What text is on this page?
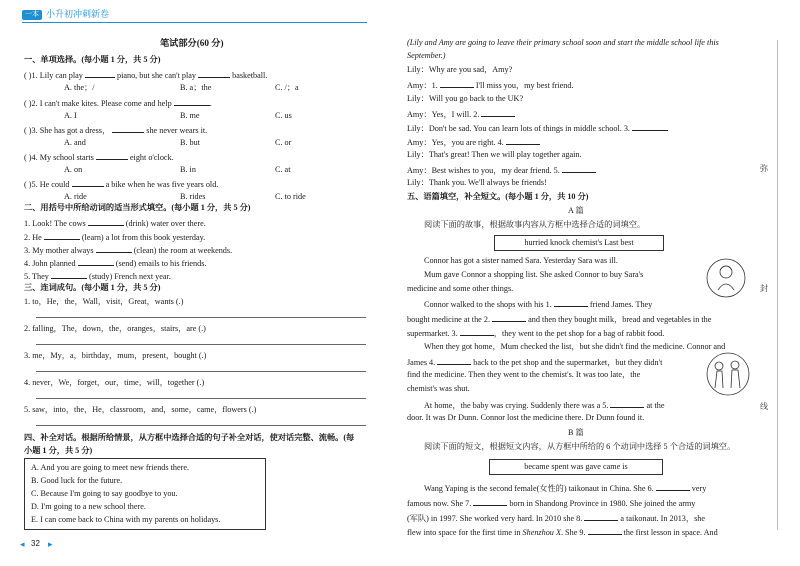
一本 小升初冲刺新卷
笔试部分(60 分)
一、单项选择。(每小题 1 分，共 5 分)
( )1. Lily can play	piano, but she can't play	basketball.
A. the；/	B. a；the	C. /；a
( )2. I can't make kites. Please come and help	.
A. I	B. me	C. us
( )3. She has got a dress，	she never wears it.
A. and	B. but	C. or
( )4. My school starts	eight o'clock.
A. on	B. in	C. at
( )5. He could	a bike when he was five years old.
A. ride	B. rides	C. to ride
二、用括号中所给动词的适当形式填空。(每小题 1 分，共 5 分)
1. Look! The cows	(drink) water over there.
2. He	(learn) a lot from this book yesterday.
3. My mother always	(clean) the room at weekends.
4. John planned	(send) emails to his friends.
5. They	(study) French next year.
三、连词成句。(每小题 1 分，共 5 分)
1. to，He，the，Wall，visit，Great，wants (.)
2. falling，The，down，the，oranges，stairs，are (.)
3. me，My，a，birthday，mum，present，bought (.)
4. never，We，forget，our，time，will，together (.)
5. saw，into，the，He，classroom，and，some，came，flowers (.)
四、补全对话。根据所给情景，从方框中选择合适的句子补全对话，使对话完整、流畅。(每
小题 1 分，共 5 分)
A. And you are going to meet new friends there.
B. Good luck for the future.
C. Because I'm going to say goodbye to you.
D. I'm going to a new school there.
E. I can come back to China with my parents on holidays.
◂ 32 ▸
(Lily and Amy are going to leave their primary school soon and start the middle school life this
September.)
Lily：Why are you sad，Amy?
Amy：1.	I'll miss you，my best friend.
Lily：Will you go back to the UK?
Amy：Yes，I will. 2.
Lily：Don't be sad. You can learn lots of things in middle school. 3.
Amy：Yes，you are right. 4.
Lily：That's great! Then we will play together again.
Amy：Best wishes to you，my dear friend. 5.
Lily：Thank you. We'll always be friends!
五、语篇填空，补全短文。(每小题 1 分，共 10 分)
A 篇
阅读下面的故事，根据故事内容从方框中选择合适的词填空。
hurried knock chemist's Last best
Connor has got a sister named Sara. Yesterday Sara was ill.
Mum gave Connor a shopping list. She asked Connor to buy Sara's
medicine and some other things.
Connor walked to the shops with his 1.	friend James. They
bought medicine at the 2.	and then they bought milk，bread and vegetables in the
supermarket. 3.	，they went to the pet shop for a bag of rabbit food.
When they got home，Mum checked the list，but she didn't find the medicine. Connor and
James 4.	back to the pet shop and the supermarket，but they didn't
find the medicine. Then they went to the chemist's. It was too late，the
chemist's was shut.
At home，the baby was crying. Suddenly there was a 5.	at the
door. It was Dr Dunn. Connor lost the medicine there. Dr Dunn found it.
B 篇
阅读下面的短文，根据短文内容，从方框中所给的 6 个动词中选择 5 个合适的词填空。
became spent was gave came is
Wang Yaping is the second female(女性的) taikonaut in China. She 6.	very
famous now. She 7.	born in Shandong Province in 1980. She joined the army
(军队) in 1997. She worked very hard. In 2010 she 8.	a taikonaut. In 2013，she
flew into space for the first time in Shenzhou X. She 9.	the first lesson in space. And
弥
封
线
